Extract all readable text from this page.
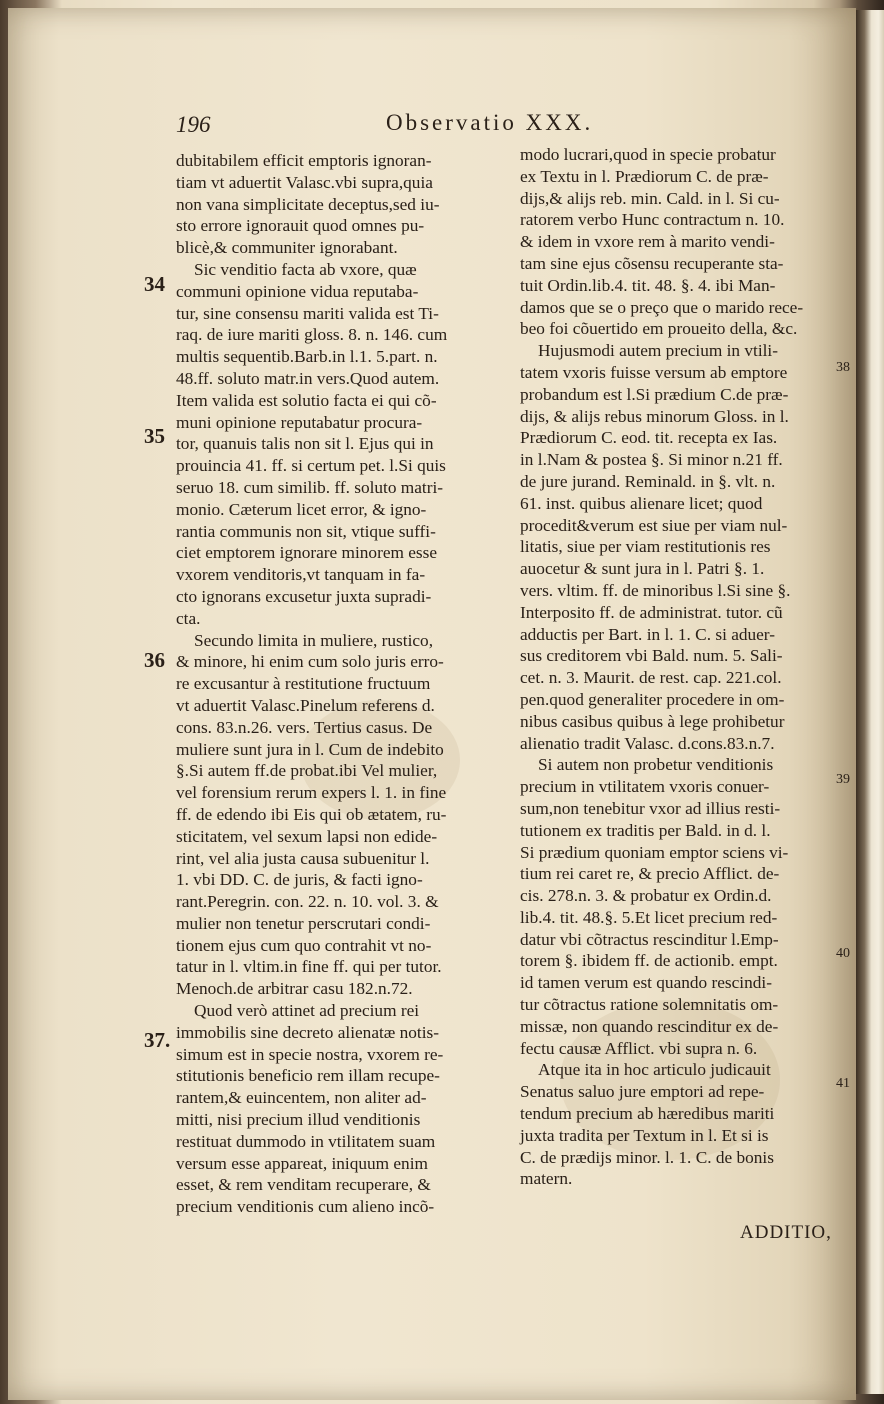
196	Observatio XXX.
dubitabilem efficit emptoris ignoran-
tiam vt aduertit Valasc.vbi supra,quia
non vana simplicitate deceptus,sed iu-
sto errore ignorauit quod omnes pu-
blicè,& communiter ignorabant.
Sic venditio facta ab vxore, quæ
communi opinione vidua reputaba-
tur, sine consensu mariti valida est Ti-
raq. de iure mariti gloss. 8. n. 146. cum
multis sequentib.Barb.in l.1. 5.part. n.
48.ff. soluto matr.in vers.Quod autem.
Item valida est solutio facta ei qui cõ-
muni opinione reputabatur procura-
tor, quanuis talis non sit l. Ejus qui in
prouincia 41. ff. si certum pet. l.Si quis
seruo 18. cum similib. ff. soluto matri-
monio. Cæterum licet error, & igno-
rantia communis non sit, vtique suffi-
ciet emptorem ignorare minorem esse
vxorem venditoris,vt tanquam in fa-
cto ignorans excusetur juxta supradi-
cta.
Secundo limita in muliere, rustico,
& minore, hi enim cum solo juris erro-
re excusantur à restitutione fructuum
vt aduertit Valasc.Pinelum referens d.
cons. 83.n.26. vers. Tertius casus. De
muliere sunt jura in l. Cum de indebito
§.Si autem ff.de probat.ibi Vel mulier,
vel forensium rerum expers l. 1. in fine
ff. de edendo ibi Eis qui ob ætatem, ru-
sticitatem, vel sexum lapsi non edide-
rint, vel alia justa causa subuenitur l.
1. vbi DD. C. de juris, & facti igno-
rant.Peregrin. con. 22. n. 10. vol. 3. &
mulier non tenetur perscrutari condi-
tionem ejus cum quo contrahit vt no-
tatur in l. vltim.in fine ff. qui per tutor.
Menoch.de arbitrar casu 182.n.72.
Quod verò attinet ad precium rei
immobilis sine decreto alienatæ notis-
simum est in specie nostra, vxorem re-
stitutionis beneficio rem illam recupe-
rantem,& euincentem, non aliter ad-
mitti, nisi precium illud venditionis
restituat dummodo in vtilitatem suam
versum esse appareat, iniquum enim
esset, & rem venditam recuperare, &
precium venditionis cum alieno incõ-
modo lucrari,quod in specie probatur
ex Textu in l. Prædiorum C. de præ-
dijs,& alijs reb. min. Cald. in l. Si cu-
ratorem verbo Hunc contractum n. 10.
& idem in vxore rem à marito vendi-
tam sine ejus cõsensu recuperante sta-
tuit Ordin.lib.4. tit. 48. §. 4. ibi Man-
damos que se o preço que o marido rece-
beo foi cõuertido em proueito della, &c.
Hujusmodi autem precium in vtili-
tatem vxoris fuisse versum ab emptore
probandum est l.Si prædium C.de præ-
dijs, & alijs rebus minorum Gloss. in l.
Prædiorum C. eod. tit. recepta ex Ias.
in l.Nam & postea §. Si minor n.21 ff.
de jure jurand. Reminald. in §. vlt. n.
61. inst. quibus alienare licet; quod
procedit&verum est siue per viam nul-
litatis, siue per viam restitutionis res
auocetur & sunt jura in l. Patri §. 1.
vers. vltim. ff. de minoribus l.Si sine §.
Interposito ff. de administrat. tutor. cũ
adductis per Bart. in l. 1. C. si aduer-
sus creditorem vbi Bald. num. 5. Sali-
cet. n. 3. Maurit. de rest. cap. 221.col.
pen.quod generaliter procedere in om-
nibus casibus quibus à lege prohibetur
alienatio tradit Valasc. d.cons.83.n.7.
Si autem non probetur venditionis
precium in vtilitatem vxoris conuer-
sum,non tenebitur vxor ad illius resti-
tutionem ex traditis per Bald. in d. l.
Si prædium quoniam emptor sciens vi-
tium rei caret re, & precio Afflict. de-
cis. 278.n. 3. & probatur ex Ordin.d.
lib.4. tit. 48.§. 5.Et licet precium red-
datur vbi cõtractus rescinditur l.Emp-
torem §. ibidem ff. de actionib. empt.
id tamen verum est quando rescindi-
tur cõtractus ratione solemnitatis om-
missæ, non quando rescinditur ex de-
fectu causæ Afflict. vbi supra n. 6.
Atque ita in hoc articulo judicauit
Senatus saluo jure emptori ad repe-
tendum precium ab hæredibus mariti
juxta tradita per Textum in l. Et si is
C. de prædijs minor. l. 1. C. de bonis
matern.
34
35
36
37.
38
39
40
41
ADDITIO,
